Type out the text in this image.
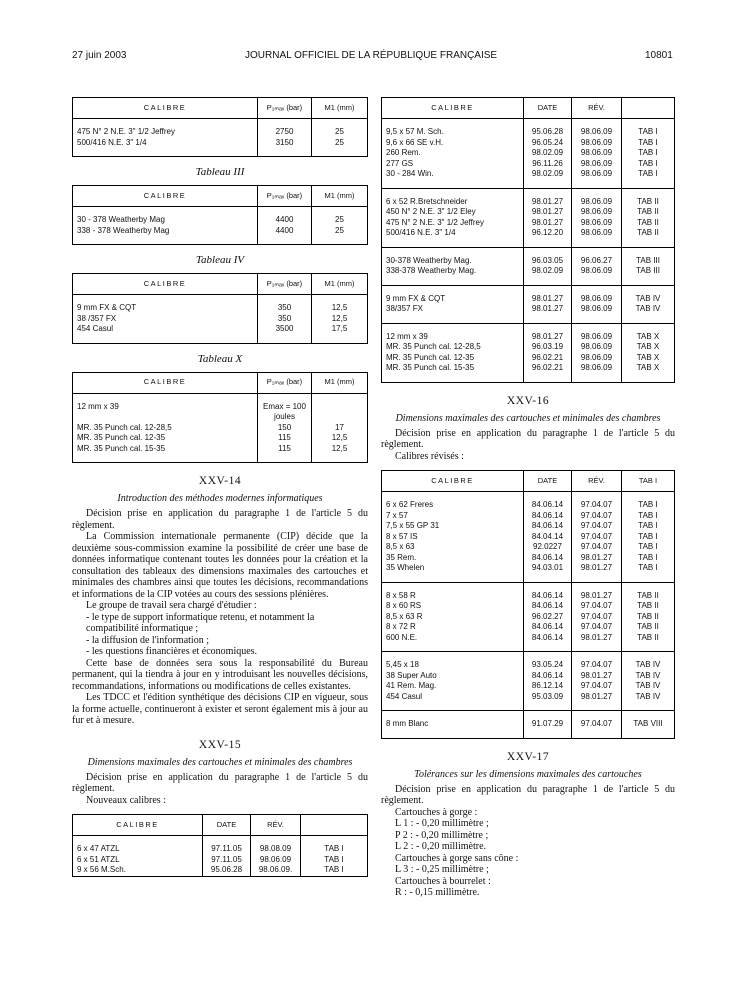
27 juin 2003	JOURNAL OFFICIEL DE LA RÉPUBLIQUE FRANÇAISE	10801
CALIBRE	P₁ₘₐₓ (bar)	M1 (mm)

475 N° 2 N.E. 3" 1/2 Jeffrey	2750	25
500/416 N.E. 3" 1/4	3150	25

Tableau III
CALIBRE	P₁ₘₐₓ (bar)	M1 (mm)

30 - 378 Weatherby Mag	4400	25
338 - 378 Weatherby Mag	4400	25

Tableau IV
CALIBRE	P₁ₘₐₓ (bar)	M1 (mm)

9 mm FX & CQT	350	12,5
38 /357 FX	350	12,5
454 Casul	3500	17,5

Tableau X
CALIBRE	P₁ₘₐₓ (bar)	M1 (mm)

12 mm x 39	Emax = 100 joules	
MR. 35 Punch cal. 12-28,5	150	17
MR. 35 Punch cal. 12-35	115	12,5
MR. 35 Punch cal. 15-35	115	12,5

XXV-14
Introduction des méthodes modernes informatiques

Décision prise en application du paragraphe 1 de l'article 5 du règlement.

La Commission internationale permanente (CIP) décide que la deuxième sous-commission examine la possibilité de créer une base de données informatique contenant toutes les données pour la création et la consultation des tableaux des dimensions maximales des cartouches et minimales des chambres ainsi que toutes les décisions, recommandations et informations de la CIP votées au cours des sessions plénières.

Le groupe de travail sera chargé d'étudier :

- le type de support informatique retenu, et notamment la compatibilité informatique ;

- la diffusion de l'information ;

- les questions financières et économiques.

Cette base de données sera sous la responsabilité du Bureau permanent, qui la tiendra à jour en y introduisant les nouvelles décisions, recommandations, informations ou modifications de celles existantes.

Les TDCC et l'édition synthétique des décisions CIP en vigueur, sous la forme actuelle, continueront à exister et seront également mis à jour au fur et à mesure.

XXV-15
Dimensions maximales des cartouches et minimales des chambres

Décision prise en application du paragraphe 1 de l'article 5 du règlement.

Nouveaux calibres :

CALIBRE	DATE	RÉV.	

6 x 47 ATZL	97.11.05	98.08.09	TAB I
6 x 51 ATZL	97.11.05	98.06.09	TAB I
9 x 56 M.Sch.	95.06.28	98.06.09.	TAB I
CALIBRE	DATE	RÉV.	

9,5 x 57 M. Sch.	95.06.28	98.06.09	TAB I
9,6 x 66 SE v.H.	96.05.24	98.06.09	TAB I
260 Rem.	98.02.09	98.06.09	TAB I
277 GS	96.11.26	98.06.09	TAB I
30 - 284 Win.	98.02.09	98.06.09	TAB I

6 x 52 R.Bretschneider	98.01.27	98.06.09	TAB II
450 N° 2 N.E. 3" 1/2 Eley	98.01.27	98.06.09	TAB II
475 N° 2 N.E. 3" 1/2 Jeffrey	98.01.27	98.06.09	TAB II
500/416 N.E. 3" 1/4	96.12.20	98.06.09	TAB II

30-378 Weatherby Mag.	96.03.05	96.06.27	TAB III
338-378 Weatherby Mag.	98.02.09	98.06.09	TAB III

9 mm FX & CQT	98.01.27	98.06.09	TAB IV
38/357 FX	98.01.27	98.06.09	TAB IV

12 mm x 39	98.01.27	98.06.09	TAB X
MR. 35 Punch cal. 12-28,5	96.03.19	98.06.09	TAB X
MR. 35 Punch cal. 12-35	96.02.21	98.06.09	TAB X
MR. 35 Punch cal. 15-35	96.02.21	98.06.09	TAB X

XXV-16
Dimensions maximales des cartouches et minimales des chambres

Décision prise en application du paragraphe 1 de l'article 5 du règlement.

Calibres révisés :

CALIBRE	DATE	RÉV.	TAB I

6 x 62 Freres	84.06.14	97.04.07	TAB I
7 x 57	84.06.14	97.04.07	TAB I
7,5 x 55 GP 31	84.06.14	97.04.07	TAB I
8 x 57 IS	84.04.14	97.04.07	TAB I
8,5 x 63	92.0227	97.04.07	TAB I
35 Rem.	84.06.14	98.01.27	TAB I
35 Whelen	94.03.01	98.01.27	TAB I

8 x 58 R	84.06.14	98.01.27	TAB II
8 x 60 RS	84.06.14	97.04.07	TAB II
8,5 x 63 R	96.02.27	97.04.07	TAB II
8 x 72 R	84.06.14	97.04.07	TAB II
600 N.E.	84.06.14	98.01.27	TAB II

5,45 x 18	93.05.24	97.04.07	TAB IV
38 Super Auto	84.06.14	98.01.27	TAB IV
41 Rem. Mag.	86.12.14	97.04.07	TAB IV
454 Casul	95.03.09	98.01.27	TAB IV

8 mm Blanc	91.07.29	97.04.07	TAB VIII

XXV-17
Tolérances sur les dimensions maximales des cartouches

Décision prise en application du paragraphe 1 de l'article 5 du règlement.

Cartouches à gorge :

L 1 : - 0,20 millimètre ;

P 2 : - 0,20 millimètre ;

L 2 : - 0,20 millimètre.

Cartouches à gorge sans cône :

L 3 : - 0,25 millimètre ;

Cartouches à bourrelet :

R : - 0,15 millimètre.
